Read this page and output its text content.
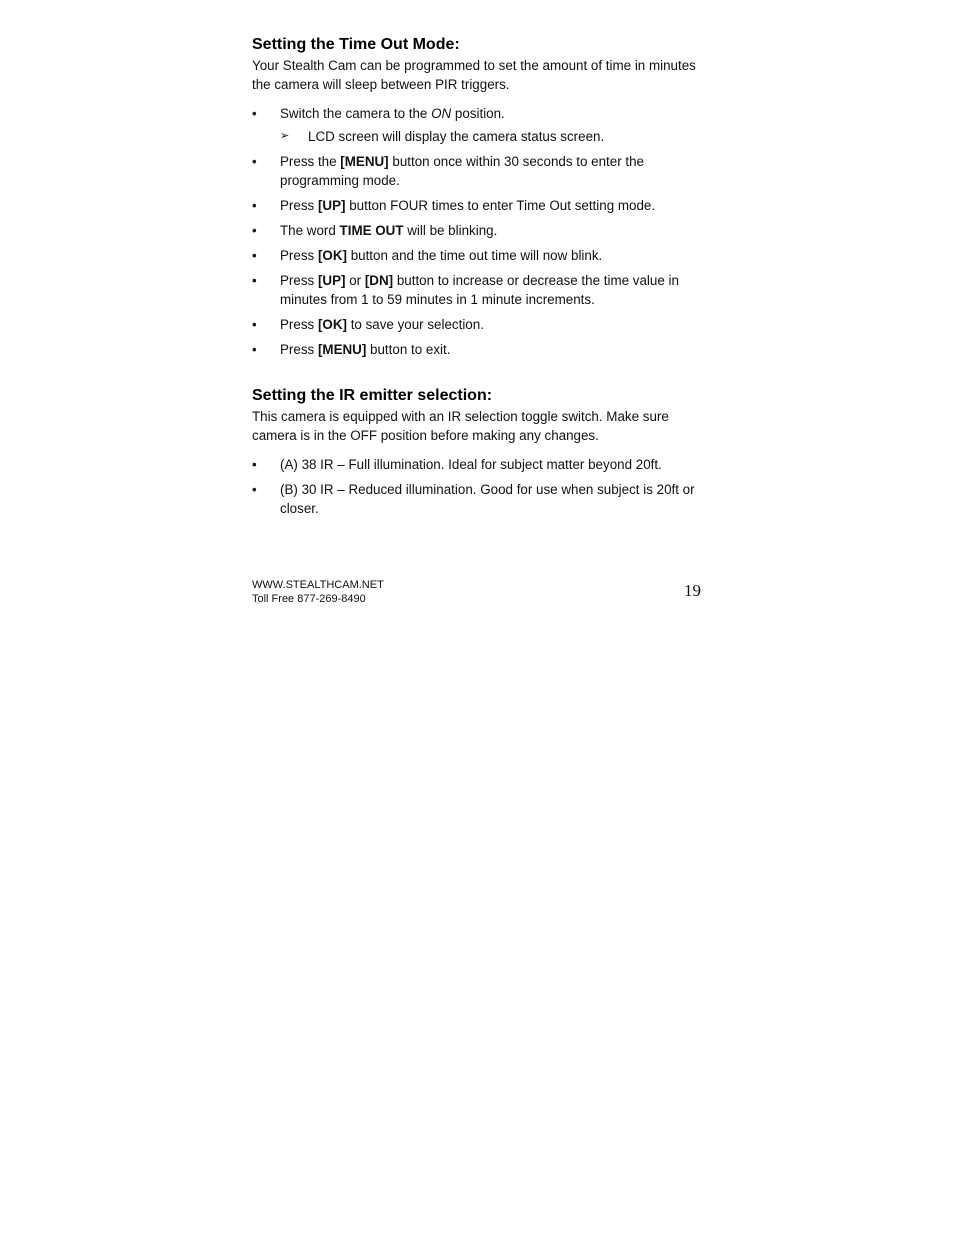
Setting the Time Out Mode:

Your Stealth Cam can be programmed to set the amount of time in minutes the camera will sleep between PIR triggers.

•	Switch the camera to the ON position.
➢ LCD screen will display the camera status screen.
•	Press the [MENU] button once within 30 seconds to enter the programming mode.
•	Press [UP] button FOUR times to enter Time Out setting mode.
•	The word TIME OUT will be blinking.
•	Press [OK] button and the time out time will now blink.
•	Press [UP] or [DN] button to increase or decrease the time value in minutes from 1 to 59 minutes in 1 minute increments.
•	Press [OK] to save your selection.
•	Press [MENU] button to exit.
Setting the IR emitter selection:

This camera is equipped with an IR selection toggle switch. Make sure camera is in the OFF position before making any changes.

•	(A) 38 IR – Full illumination. Ideal for subject matter beyond 20ft.
•	(B) 30 IR – Reduced illumination. Good for use when subject is 20ft or closer.
WWW.STEALTHCAM.NET
Toll Free 877-269-8490	19
